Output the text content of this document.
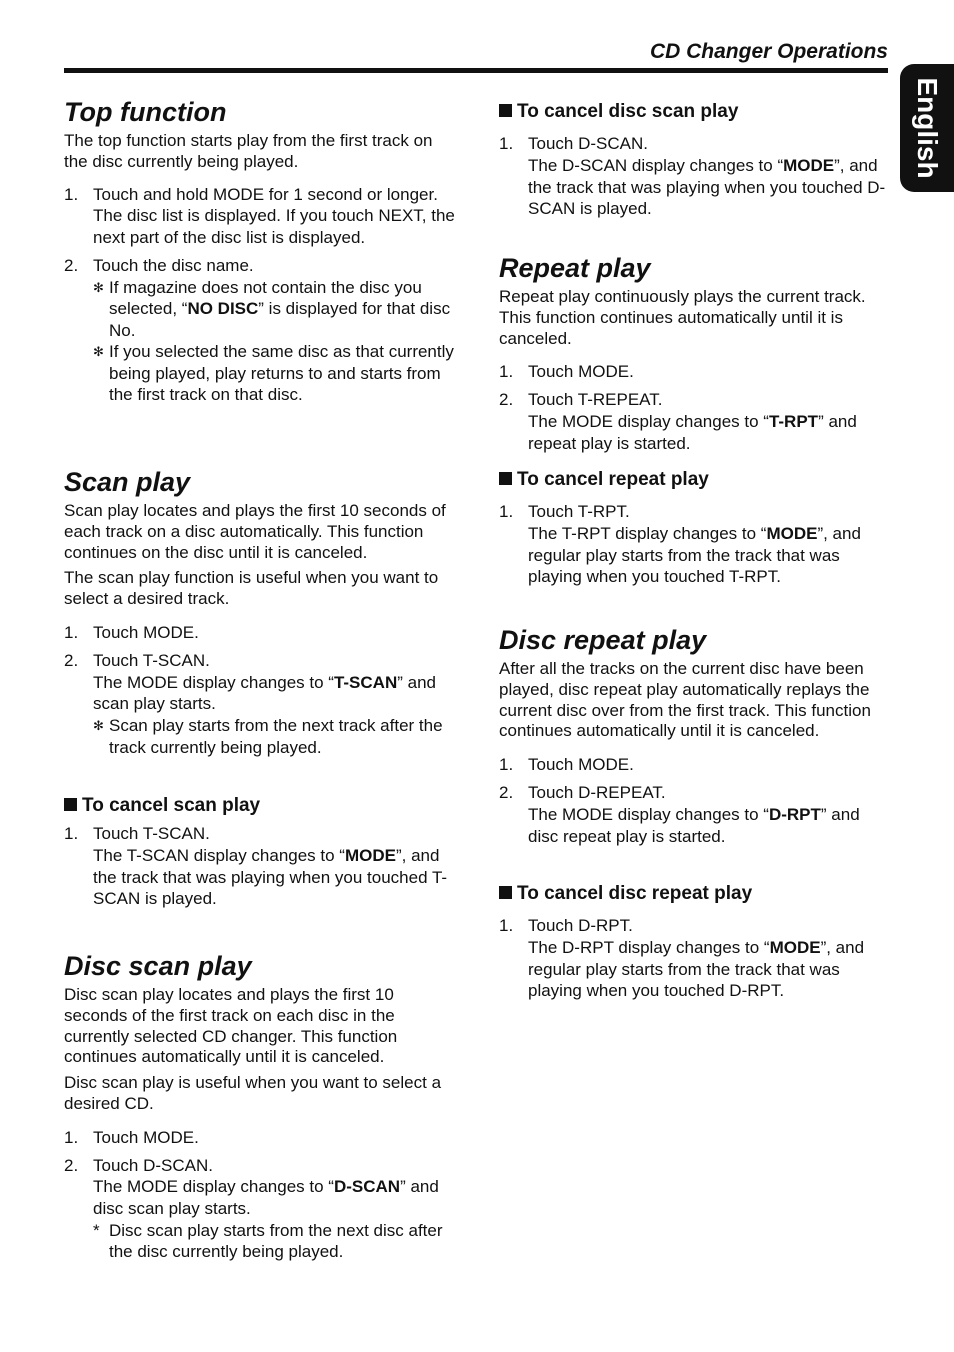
CD Changer Operations
English
Top function

The top function starts play from the first track on the disc currently being played.

1. Touch and hold MODE for 1 second or longer.
The disc list is displayed. If you touch NEXT, the next part of the disc list is displayed.
2. Touch the disc name.
✻ If magazine does not contain the disc you selected, “NO DISC” is displayed for that disc No.
✻ If you selected the same disc as that currently being played, play returns to and starts from the first track on that disc.
Scan play

Scan play locates and plays the first 10 seconds of each track on a disc automatically. This function continues on the disc until it is canceled.

The scan play function is useful when you want to select a desired track.

1. Touch MODE.
2. Touch T-SCAN.
The MODE display changes to “T-SCAN” and scan play starts.
✻ Scan play starts from the next track after the track currently being played.
To cancel scan play
1. Touch T-SCAN.
The T-SCAN display changes to “MODE”, and the track that was playing when you touched T-SCAN is played.
Disc scan play

Disc scan play locates and plays the first 10 seconds of the first track on each disc in the currently selected CD changer. This function continues automatically until it is canceled.

Disc scan play is useful when you want to select a desired CD.

1. Touch MODE.
2. Touch D-SCAN.
The MODE display changes to “D-SCAN” and disc scan play starts.
* Disc scan play starts from the next disc after the disc currently being played.
To cancel disc scan play
1. Touch D-SCAN.
The D-SCAN display changes to “MODE”, and the track that was playing when you touched D-SCAN is played.
Repeat play

Repeat play continuously plays the current track. This function continues automatically until it is canceled.

1. Touch MODE.
2. Touch T-REPEAT.
The MODE display changes to “T-RPT” and repeat play is started.
To cancel repeat play
1. Touch T-RPT.
The T-RPT display changes to “MODE”, and regular play starts from the track that was playing when you touched T-RPT.
Disc repeat play

After all the tracks on the current disc have been played, disc repeat play automatically replays the current disc over from the first track. This function continues automatically until it is canceled.

1. Touch MODE.
2. Touch D-REPEAT.
The MODE display changes to “D-RPT” and disc repeat play is started.
To cancel disc repeat play
1. Touch D-RPT.
The D-RPT display changes to “MODE”, and regular play starts from the track that was playing when you touched D-RPT.
